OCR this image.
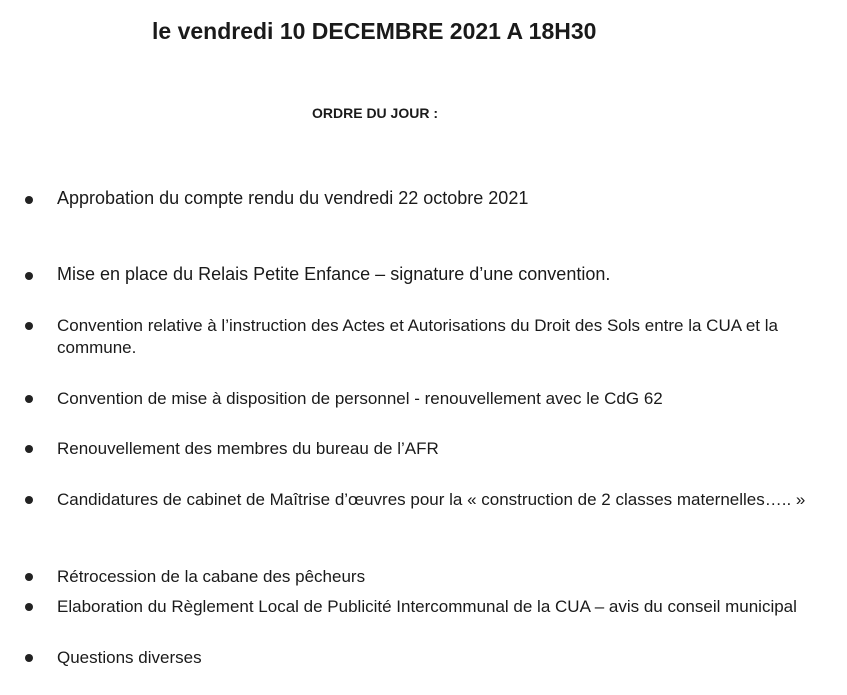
le vendredi 10 DECEMBRE 2021 A 18H30
ORDRE DU JOUR :
Approbation du compte rendu du vendredi 22 octobre 2021
Mise en place du Relais Petite Enfance – signature d’une convention.
Convention relative à l’instruction des Actes et Autorisations du Droit des Sols entre la CUA et la commune.
Convention de mise à disposition de personnel - renouvellement avec le CdG 62
Renouvellement des membres du bureau de l’AFR
Candidatures de cabinet de Maîtrise d’œuvres pour la « construction de 2 classes maternelles….. »
Rétrocession de la cabane des pêcheurs
Elaboration du Règlement Local de Publicité Intercommunal de la CUA – avis du conseil municipal
Questions diverses
